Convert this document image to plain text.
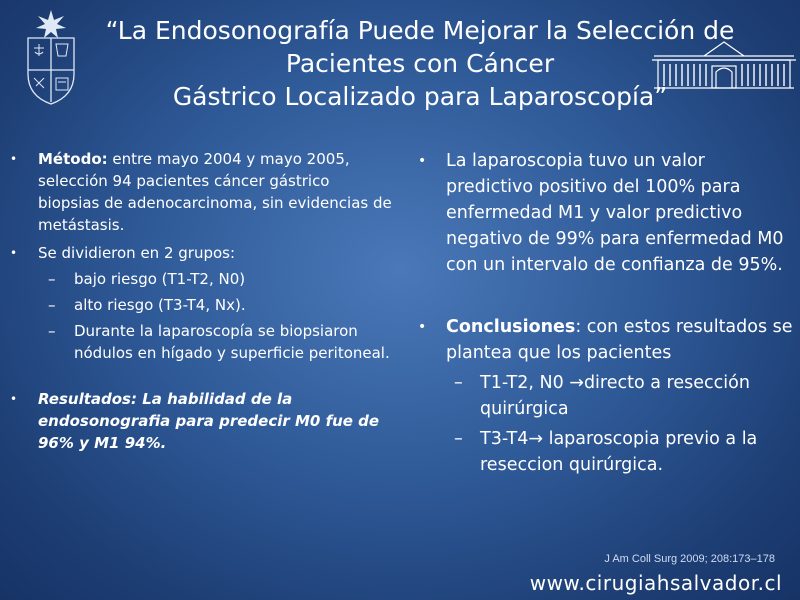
“La Endosonografía Puede Mejorar la Selección de
Pacientes con Cáncer
Gástrico Localizado para Laparoscopía”
• Método: entre mayo 2004 y mayo 2005, selección 94 pacientes cáncer gástrico biopsias de adenocarcinoma, sin evidencias de metástasis.
• Se dividieron en 2 grupos:
– bajo riesgo (T1-T2, N0)
– alto riesgo (T3-T4, Nx).
– Durante la laparoscopía se biopsiaron nódulos en hígado y superficie peritoneal.
• Resultados: La habilidad de la endosonografia para predecir M0 fue de 96% y M1 94%.
• La laparoscopia tuvo un valor predictivo positivo del 100% para enfermedad M1 y valor predictivo negativo de 99% para enfermedad M0 con un intervalo de confianza de 95%.
• Conclusiones: con estos resultados se plantea que los pacientes
– T1-T2, N0 →directo a resección quirúrgica
– T3-T4→ laparoscopia previo a la reseccion quirúrgica.
J Am Coll Surg 2009; 208:173–178
www.cirugiahsalvador.cl
